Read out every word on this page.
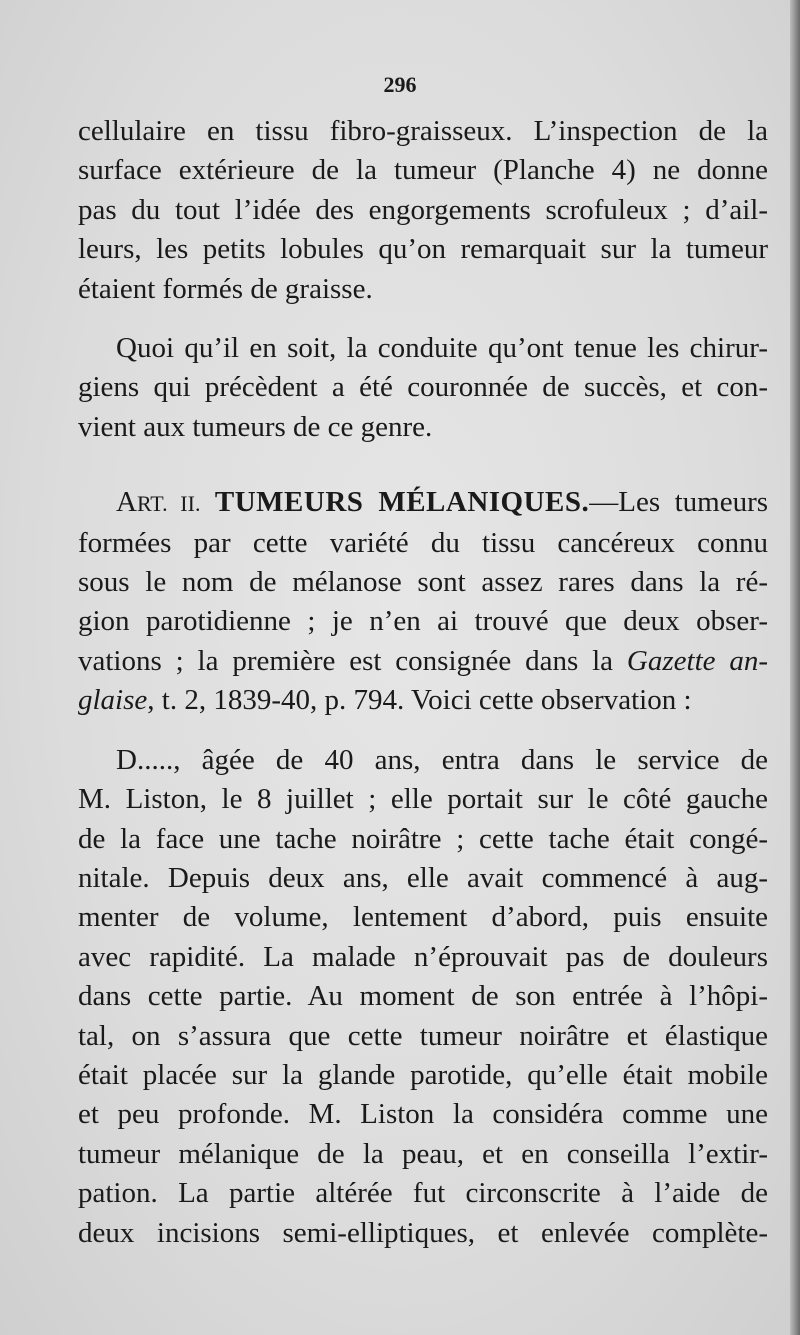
296
cellulaire en tissu fibro-graisseux. L’inspection de la
surface extérieure de la tumeur (Planche 4) ne donne
pas du tout l’idée des engorgements scrofuleux ; d’ail-
leurs, les petits lobules qu’on remarquait sur la tumeur
étaient formés de graisse.
Quoi qu’il en soit, la conduite qu’ont tenue les chirur-
giens qui précèdent a été couronnée de succès, et con-
vient aux tumeurs de ce genre.
ART. II. TUMEURS MÉLANIQUES.—Les tumeurs
formées par cette variété du tissu cancéreux connu
sous le nom de mélanose sont assez rares dans la ré-
gion parotidienne ; je n’en ai trouvé que deux obser-
vations ; la première est consignée dans la Gazette an-
glaise, t. 2, 1839-40, p. 794. Voici cette observation :
D....., âgée de 40 ans, entra dans le service de
M. Liston, le 8 juillet ; elle portait sur le côté gauche
de la face une tache noirâtre ; cette tache était congé-
nitale. Depuis deux ans, elle avait commencé à aug-
menter de volume, lentement d’abord, puis ensuite
avec rapidité. La malade n’éprouvait pas de douleurs
dans cette partie. Au moment de son entrée à l’hôpi-
tal, on s’assura que cette tumeur noirâtre et élastique
était placée sur la glande parotide, qu’elle était mobile
et peu profonde. M. Liston la considéra comme une
tumeur mélanique de la peau, et en conseilla l’extir-
pation. La partie altérée fut circonscrite à l’aide de
deux incisions semi-elliptiques, et enlevée complète-
